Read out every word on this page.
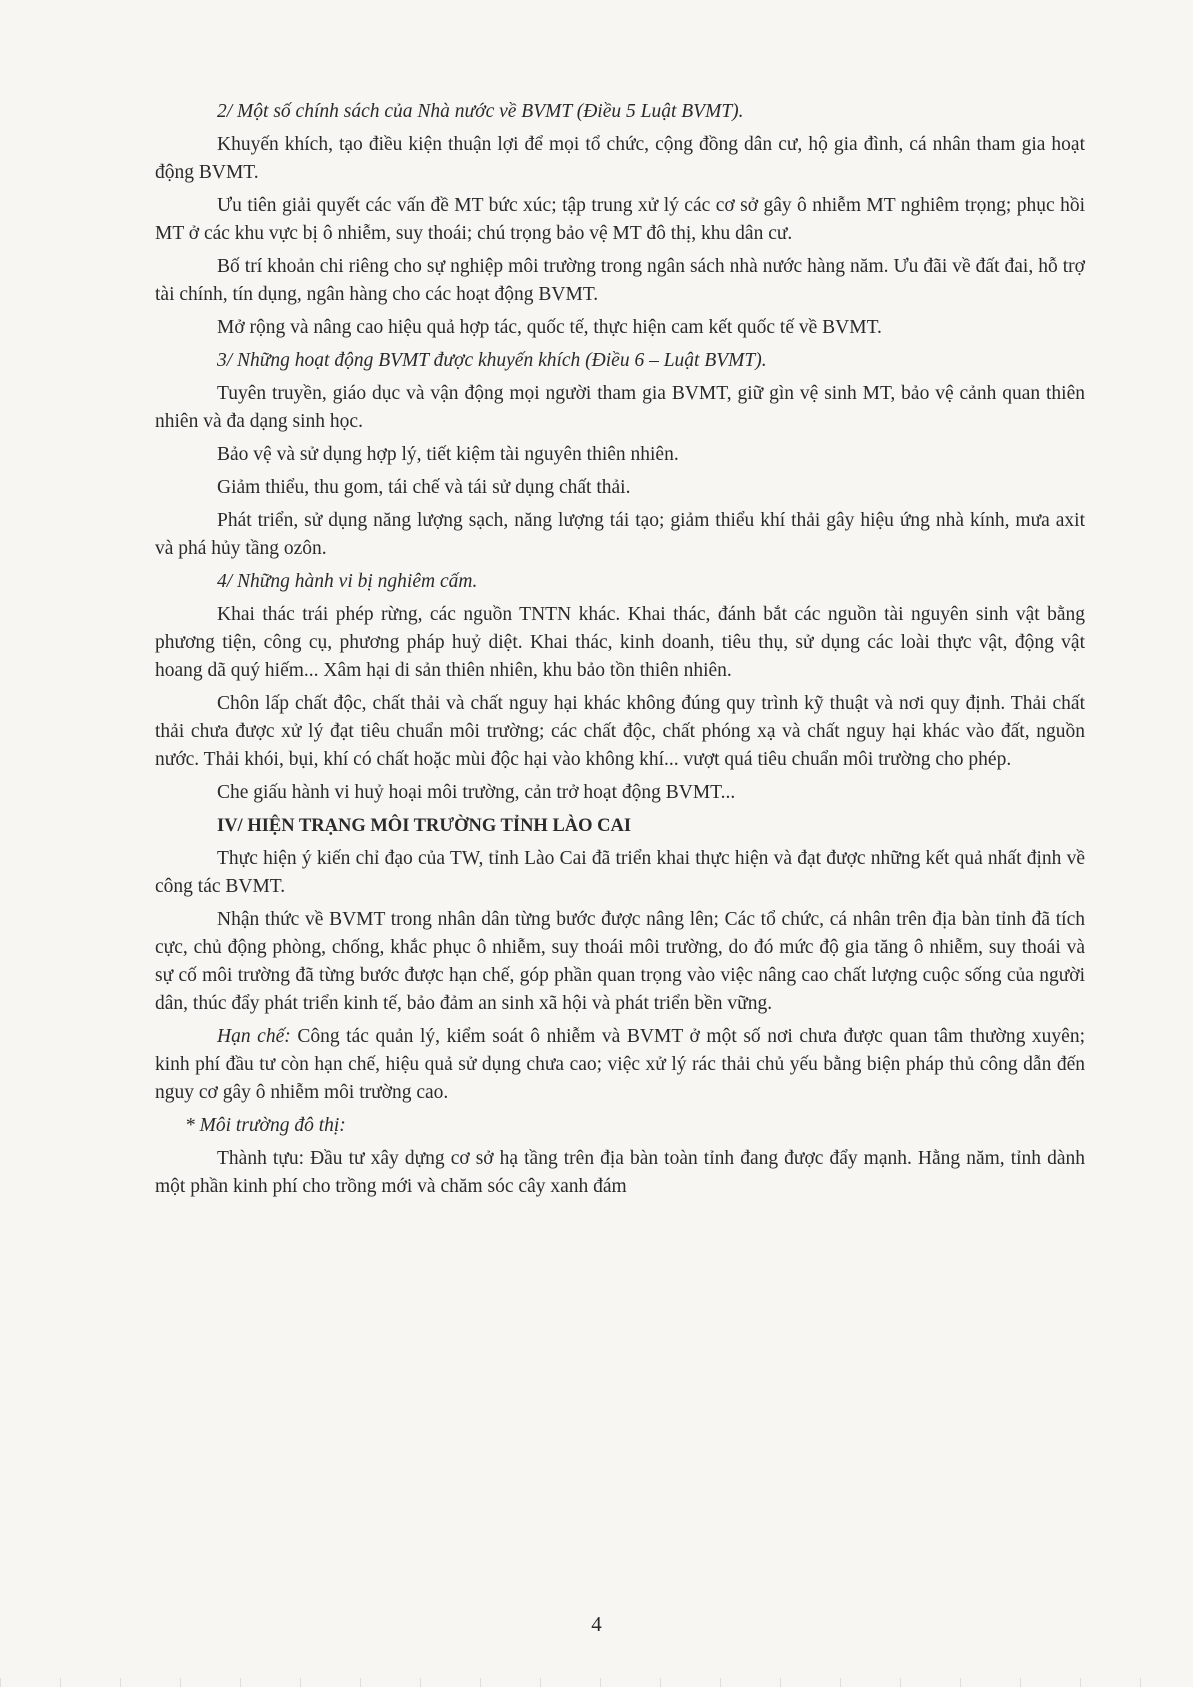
2/ Một số chính sách của Nhà nước về BVMT (Điều 5 Luật BVMT).

Khuyến khích, tạo điều kiện thuận lợi để mọi tổ chức, cộng đồng dân cư, hộ gia đình, cá nhân tham gia hoạt động BVMT.

Ưu tiên giải quyết các vấn đề MT bức xúc; tập trung xử lý các cơ sở gây ô nhiễm MT nghiêm trọng; phục hồi MT ở các khu vực bị ô nhiễm, suy thoái; chú trọng bảo vệ MT đô thị, khu dân cư.

Bố trí khoản chi riêng cho sự nghiệp môi trường trong ngân sách nhà nước hàng năm. Ưu đãi về đất đai, hỗ trợ tài chính, tín dụng, ngân hàng cho các hoạt động BVMT.

Mở rộng và nâng cao hiệu quả hợp tác, quốc tế, thực hiện cam kết quốc tế về BVMT.

3/ Những hoạt động BVMT được khuyến khích (Điều 6 – Luật BVMT).

Tuyên truyền, giáo dục và vận động mọi người tham gia BVMT, giữ gìn vệ sinh MT, bảo vệ cảnh quan thiên nhiên và đa dạng sinh học.

Bảo vệ và sử dụng hợp lý, tiết kiệm tài nguyên thiên nhiên.

Giảm thiểu, thu gom, tái chế và tái sử dụng chất thải.

Phát triển, sử dụng năng lượng sạch, năng lượng tái tạo; giảm thiểu khí thải gây hiệu ứng nhà kính, mưa axit và phá hủy tầng ozôn.

4/ Những hành vi bị nghiêm cấm.

Khai thác trái phép rừng, các nguồn TNTN khác. Khai thác, đánh bắt các nguồn tài nguyên sinh vật bằng phương tiện, công cụ, phương pháp huỷ diệt. Khai thác, kinh doanh, tiêu thụ, sử dụng các loài thực vật, động vật hoang dã quý hiếm... Xâm hại di sản thiên nhiên, khu bảo tồn thiên nhiên.

Chôn lấp chất độc, chất thải và chất nguy hại khác không đúng quy trình kỹ thuật và nơi quy định. Thải chất thải chưa được xử lý đạt tiêu chuẩn môi trường; các chất độc, chất phóng xạ và chất nguy hại khác vào đất, nguồn nước. Thải khói, bụi, khí có chất hoặc mùi độc hại vào không khí... vượt quá tiêu chuẩn môi trường cho phép.

Che giấu hành vi huỷ hoại môi trường, cản trở hoạt động BVMT...

IV/ HIỆN TRẠNG MÔI TRƯỜNG TỈNH LÀO CAI

Thực hiện ý kiến chỉ đạo của TW, tỉnh Lào Cai đã triển khai thực hiện và đạt được những kết quả nhất định về công tác BVMT.

Nhận thức về BVMT trong nhân dân từng bước được nâng lên; Các tổ chức, cá nhân trên địa bàn tỉnh đã tích cực, chủ động phòng, chống, khắc phục ô nhiễm, suy thoái môi trường, do đó mức độ gia tăng ô nhiễm, suy thoái và sự cố môi trường đã từng bước được hạn chế, góp phần quan trọng vào việc nâng cao chất lượng cuộc sống của người dân, thúc đẩy phát triển kinh tế, bảo đảm an sinh xã hội và phát triển bền vững.

Hạn chế: Công tác quản lý, kiểm soát ô nhiễm và BVMT ở một số nơi chưa được quan tâm thường xuyên; kinh phí đầu tư còn hạn chế, hiệu quả sử dụng chưa cao; việc xử lý rác thải chủ yếu bằng biện pháp thủ công dẫn đến nguy cơ gây ô nhiễm môi trường cao.

* Môi trường đô thị:

Thành tựu: Đầu tư xây dựng cơ sở hạ tầng trên địa bàn toàn tỉnh đang được đẩy mạnh. Hằng năm, tỉnh dành một phần kinh phí cho trồng mới và chăm sóc cây xanh đám

4
